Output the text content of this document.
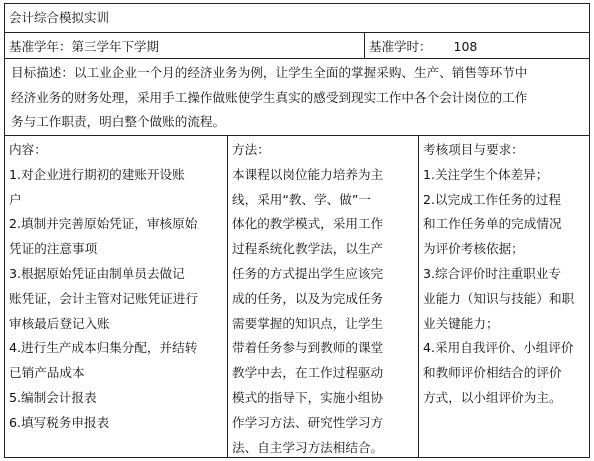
会计综合模拟实训
基准学年：第三学年下学期	基准学时： 108
目标描述：以工业企业一个月的经济业务为例，让学生全面的掌握采购、生产、销售等环节中
经济业务的财务处理，采用手工操作做账使学生真实的感受到现实工作中各个会计岗位的工作
务与工作职责，明白整个做账的流程。
内容：
1.对企业进行期初的建账开设账
户
2.填制并完善原始凭证，审核原始
凭证的注意事项
3.根据原始凭证由制单员去做记
账凭证，会计主管对记账凭证进行
审核最后登记入账
4.进行生产成本归集分配，并结转
已销产品成本
5.编制会计报表
6.填写税务申报表
方法：
本课程以岗位能力培养为主
线，采用“教、学、做”一
体化的教学模式，采用工作
过程系统化教学法，以生产
任务的方式提出学生应该完
成的任务，以及为完成任务
需要掌握的知识点，让学生
带着任务参与到教师的课堂
教学中去，在工作过程驱动
模式的指导下，实施小组协
作学习方法、研究性学习方
法、自主学习方法相结合。
考核项目与要求：
1.关注学生个体差异；
2.以完成工作任务的过程
和工作任务单的完成情况
为评价考核依据；
3.综合评价时注重职业专
业能力（知识与技能）和职
业关键能力；
4.采用自我评价、小组评价
和教师评价相结合的评价
方式，以小组评价为主。
